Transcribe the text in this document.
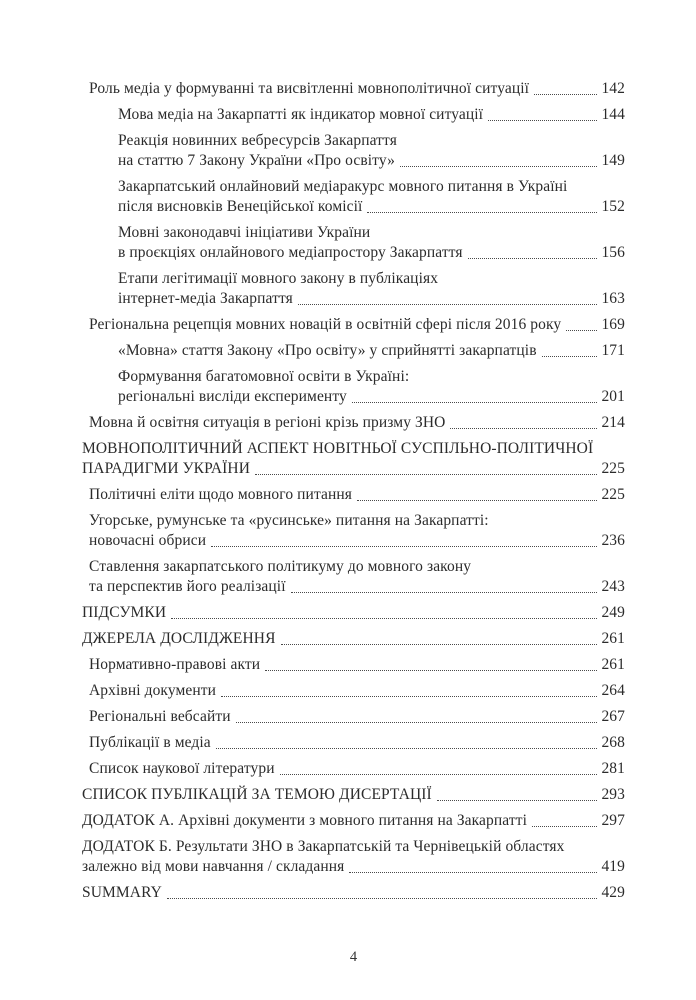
Роль медіа у формуванні та висвітленні мовнополітичної ситуації	142
Мова медіа на Закарпатті як індикатор мовної ситуації	144
Реакція новинних вебресурсів Закарпаття
на статтю 7 Закону України «Про освіту»	149
Закарпатський онлайновий медіаракурс мовного питання в Україні
після висновків Венеційської комісії	152
Мовні законодавчі ініціативи України
в проєкціях онлайнового медіапростору Закарпаття	156
Етапи легітимації мовного закону в публікаціях
інтернет-медіа Закарпаття	163
Регіональна рецепція мовних новацій в освітній сфері після 2016 року	169
«Мовна» стаття Закону «Про освіту» у сприйнятті закарпатців	171
Формування багатомовної освіти в Україні:
регіональні висліди експерименту	201
Мовна й освітня ситуація в регіоні крізь призму ЗНО	214
МОВНОПОЛІТИЧНИЙ АСПЕКТ НОВІТНЬОЇ СУСПІЛЬНО-ПОЛІТИЧНОЇ
ПАРАДИГМИ УКРАЇНИ	225
Політичні еліти щодо мовного питання	225
Угорське, румунське та «русинське» питання на Закарпатті:
новочасні обриси	236
Ставлення закарпатського політикуму до мовного закону
та перспектив його реалізації	243
ПІДСУМКИ	249
ДЖЕРЕЛА ДОСЛІДЖЕННЯ	261
Нормативно-правові акти	261
Архівні документи	264
Регіональні вебсайти	267
Публікації в медіа	268
Список наукової літератури	281
СПИСОК ПУБЛІКАЦІЙ ЗА ТЕМОЮ ДИСЕРТАЦІЇ	293
ДОДАТОК А. Архівні документи з мовного питання на Закарпатті	297
ДОДАТОК Б. Результати ЗНО в Закарпатській та Чернівецькій областях
залежно від мови навчання / складання	419
SUMMARY	429
4
